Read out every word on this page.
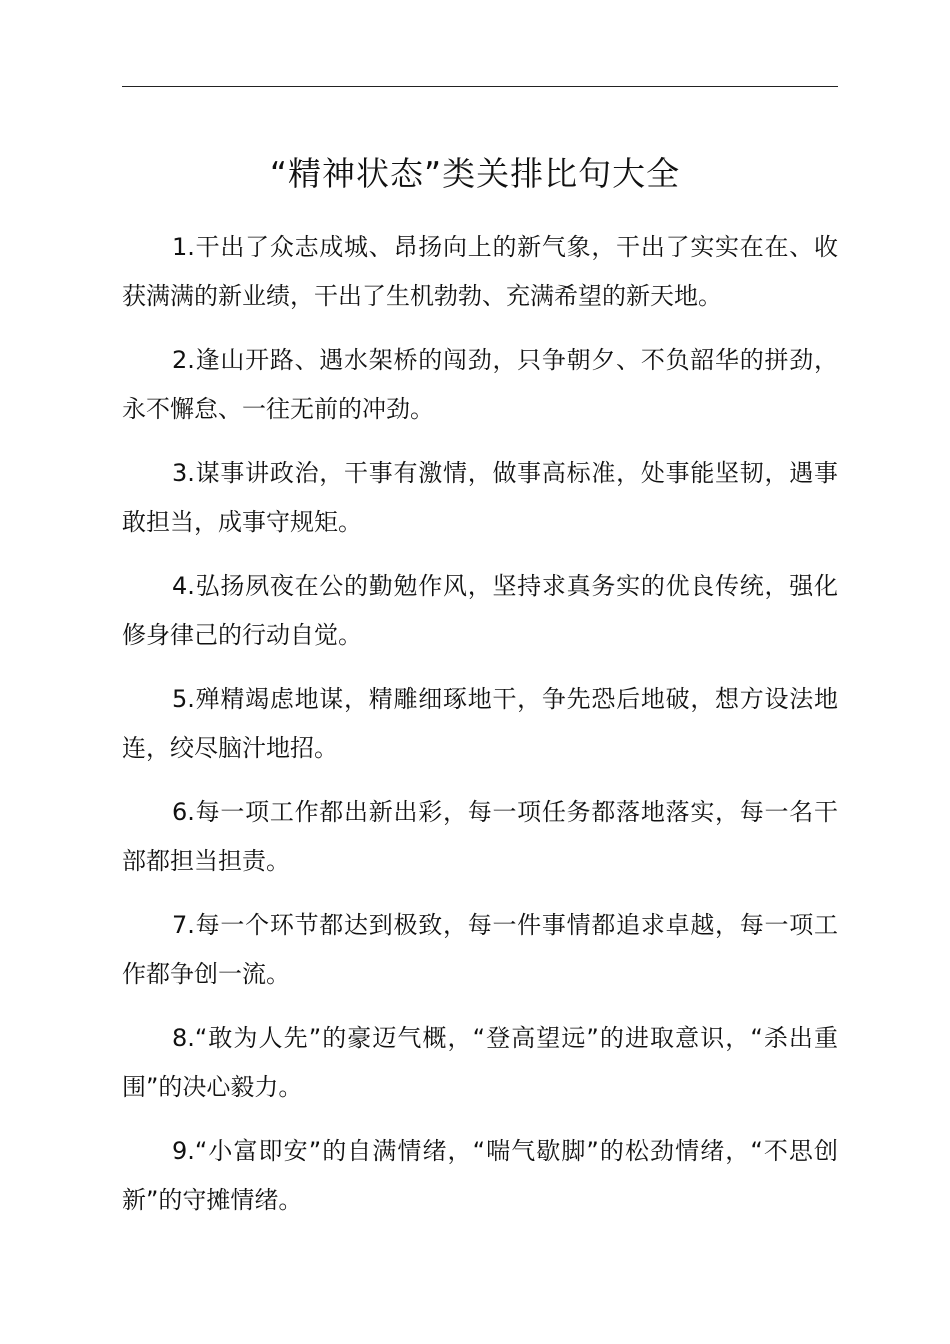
“精神状态”类关排比句大全

1.干出了众志成城、昂扬向上的新气象，干出了实实在在、收获满满的新业绩，干出了生机勃勃、充满希望的新天地。

2.逢山开路、遇水架桥的闯劲，只争朝夕、不负韶华的拼劲，永不懈怠、一往无前的冲劲。

3.谋事讲政治，干事有激情，做事高标准，处事能坚韧，遇事敢担当，成事守规矩。

4.弘扬夙夜在公的勤勉作风，坚持求真务实的优良传统，强化修身律己的行动自觉。

5.殚精竭虑地谋，精雕细琢地干，争先恐后地破，想方设法地连，绞尽脑汁地招。

6.每一项工作都出新出彩，每一项任务都落地落实，每一名干部都担当担责。

7.每一个环节都达到极致，每一件事情都追求卓越，每一项工作都争创一流。

8.“敢为人先”的豪迈气概，“登高望远”的进取意识，“杀出重围”的决心毅力。

9.“小富即安”的自满情绪，“喘气歇脚”的松劲情绪，“不思创新”的守摊情绪。
